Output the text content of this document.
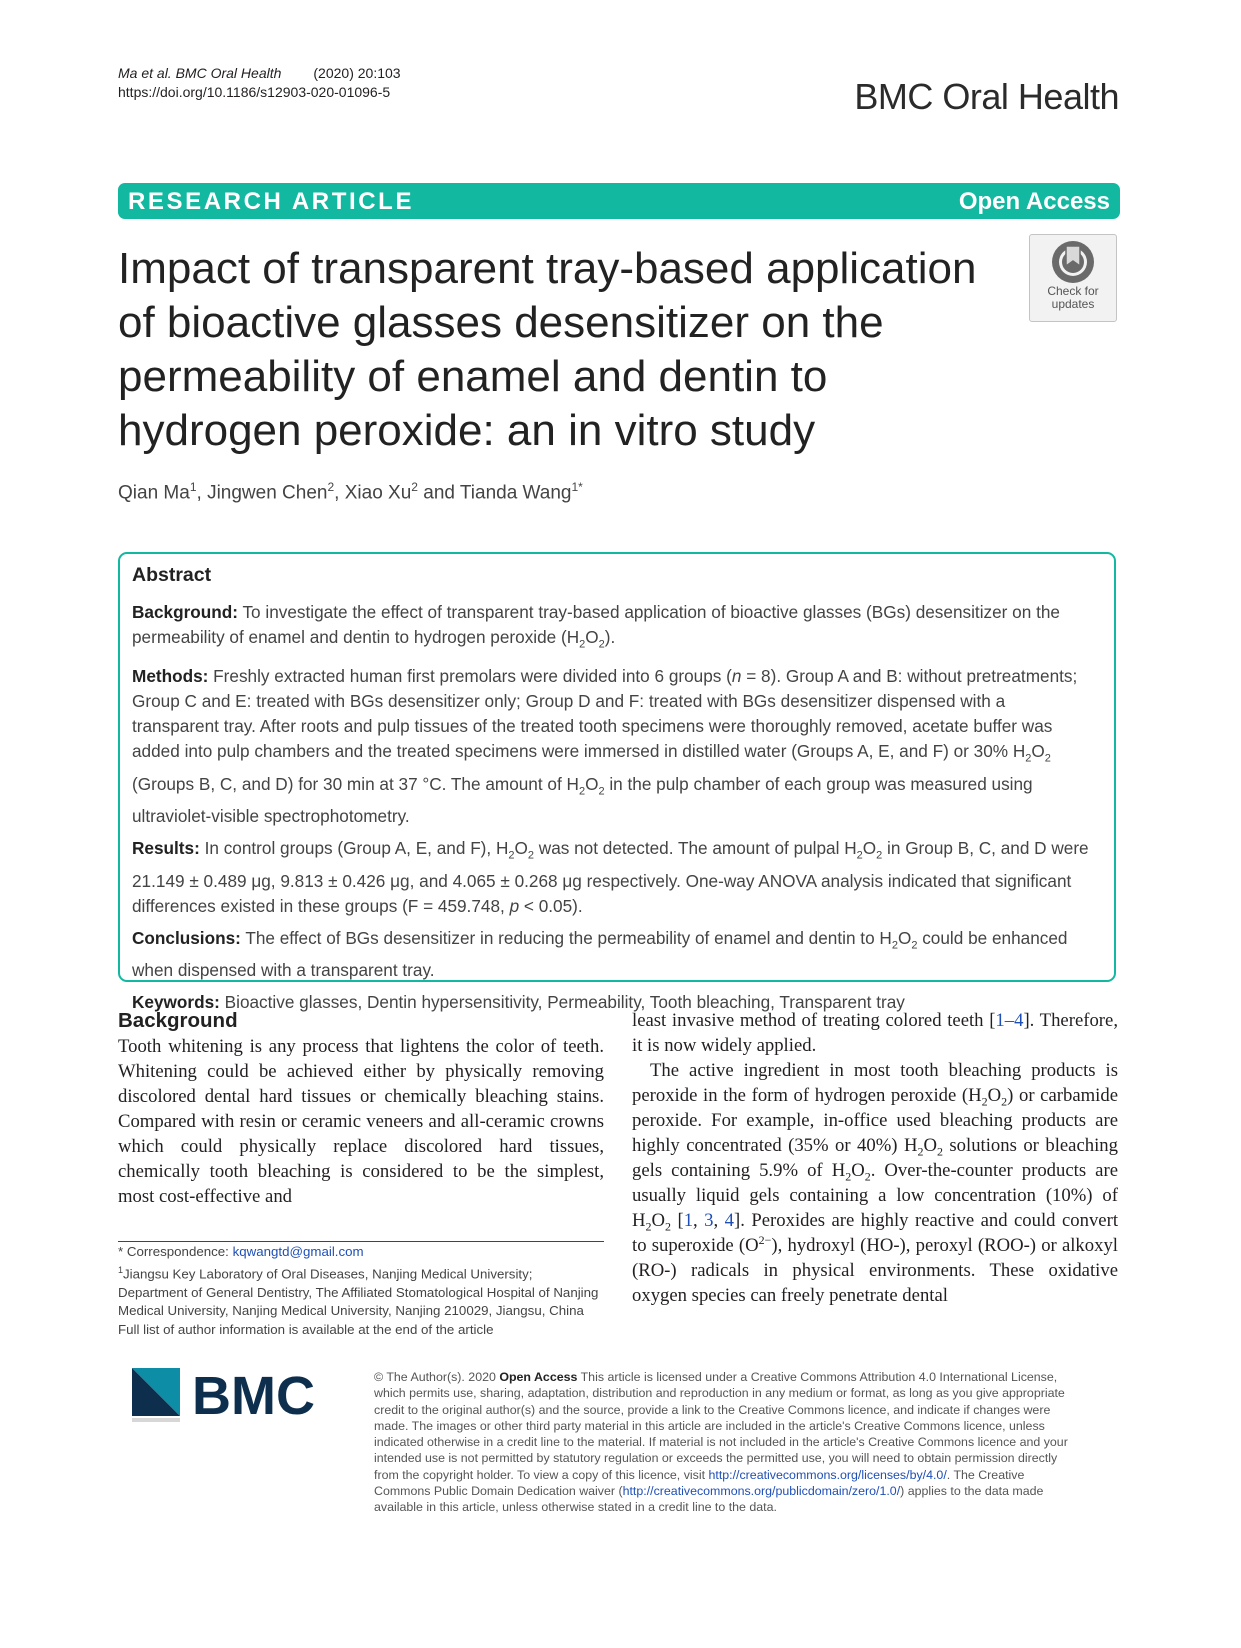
Ma et al. BMC Oral Health (2020) 20:103
https://doi.org/10.1186/s12903-020-01096-5	BMC Oral Health
RESEARCH ARTICLE	Open Access
Impact of transparent tray-based application of bioactive glasses desensitizer on the permeability of enamel and dentin to hydrogen peroxide: an in vitro study
Check for updates
Qian Ma$^1$, Jingwen Chen$^2$, Xiao Xu$^2$ and Tianda Wang$^{1*}$
Abstract

Background: To investigate the effect of transparent tray-based application of bioactive glasses (BGs) desensitizer on the permeability of enamel and dentin to hydrogen peroxide $(H_2O_2)$.

Methods: Freshly extracted human first premolars were divided into 6 groups (n = 8). Group A and B: without pretreatments; Group C and E: treated with BGs desensitizer only; Group D and F: treated with BGs desensitizer dispensed with a transparent tray. After roots and pulp tissues of the treated tooth specimens were thoroughly removed, acetate buffer was added into pulp chambers and the treated specimens were immersed in distilled water (Groups A, E, and F) or 30% $H_2O_2$ (Groups B, C, and D) for 30 min at 37 °C. The amount of $H_2O_2$ in the pulp chamber of each group was measured using ultraviolet-visible spectrophotometry.

Results: In control groups (Group A, E, and F), $H_2O_2$ was not detected. The amount of pulpal $H_2O_2$ in Group B, C, and D were 21.149 ± 0.489 μg, 9.813 ± 0.426 μg, and 4.065 ± 0.268 μg respectively. One-way ANOVA analysis indicated that significant differences existed in these groups (F = 459.748, p < 0.05).

Conclusions: The effect of BGs desensitizer in reducing the permeability of enamel and dentin to $H_2O_2$ could be enhanced when dispensed with a transparent tray.

Keywords: Bioactive glasses, Dentin hypersensitivity, Permeability, Tooth bleaching, Transparent tray

Background

Tooth whitening is any process that lightens the color of teeth. Whitening could be achieved either by physically removing discolored dental hard tissues or chemically bleaching stains. Compared with resin or ceramic veneers and all-ceramic crowns which could physically replace discolored hard tissues, chemically tooth bleaching is considered to be the simplest, most cost-effective and

least invasive method of treating colored teeth [1–4]. Therefore, it is now widely applied.

The active ingredient in most tooth bleaching products is peroxide in the form of hydrogen peroxide $(H_2O_2)$ or carbamide peroxide. For example, in-office used bleaching products are highly concentrated (35% or 40%) $H_2O_2$ solutions or bleaching gels containing 5.9% of $H_2O_2$. Over-the-counter products are usually liquid gels containing a low concentration (10%) of $H_2O_2$ [1, 3, 4]. Peroxides are highly reactive and could convert to superoxide $(O^{2-})$, hydroxyl (HO-), peroxyl (ROO-) or alkoxyl (RO-) radicals in physical environments. These oxidative oxygen species can freely penetrate dental

* Correspondence: kqwangtd@gmail.com

$^1$Jiangsu Key Laboratory of Oral Diseases, Nanjing Medical University; Department of General Dentistry, The Affiliated Stomatological Hospital of Nanjing Medical University, Nanjing Medical University, Nanjing 210029, Jiangsu, China

Full list of author information is available at the end of the article

BMC	© The Author(s). 2020 Open Access This article is licensed under a Creative Commons Attribution 4.0 International License, which permits use, sharing, adaptation, distribution and reproduction in any medium or format, as long as you give appropriate credit to the original author(s) and the source, provide a link to the Creative Commons licence, and indicate if changes were made. The images or other third party material in this article are included in the article's Creative Commons licence, unless indicated otherwise in a credit line to the material. If material is not included in the article's Creative Commons licence and your intended use is not permitted by statutory regulation or exceeds the permitted use, you will need to obtain permission directly from the copyright holder. To view a copy of this licence, visit http://creativecommons.org/licenses/by/4.0/. The Creative Commons Public Domain Dedication waiver (http://creativecommons.org/publicdomain/zero/1.0/) applies to the data made available in this article, unless otherwise stated in a credit line to the data.
